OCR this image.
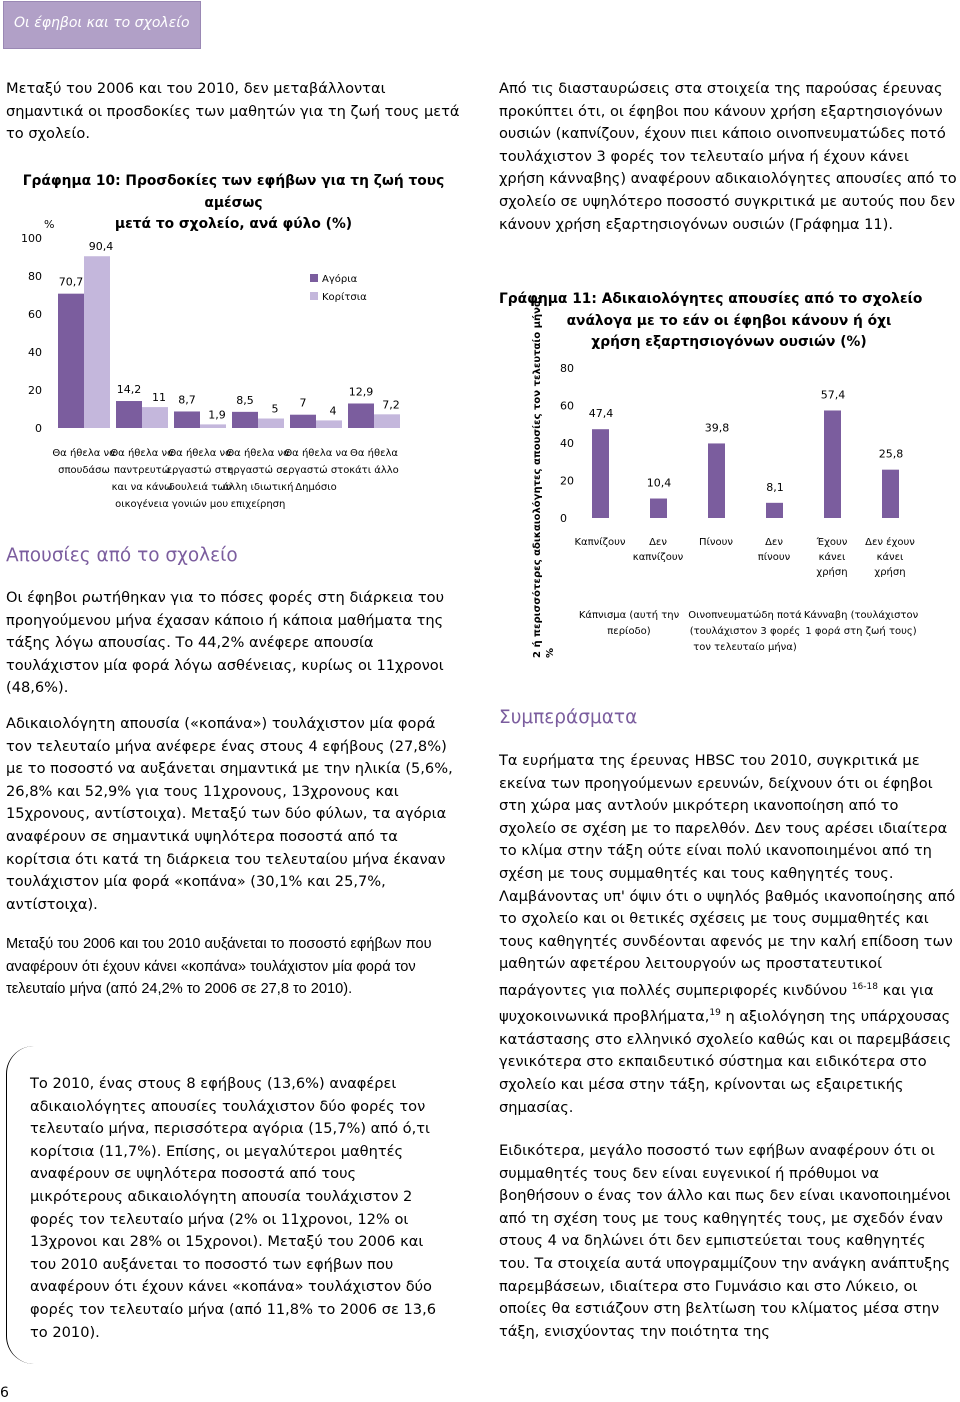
Οι έφηβοι και το σχολείο

Μεταξύ του 2006 και του 2010, δεν μεταβάλλονται σημαντικά οι προσδοκίες των μαθητών για τη ζωή τους μετά το σχολείο.

Γράφημα 10: Προσδοκίες των εφήβων για τη ζωή τους αμέσως
μετά το σχολείο, ανά φύλο (%)
%
100
80
60
40
20
0
70,7
90,4
Θα ήθελα να σπουδάσω
14,2
11
Θα ήθελα να παντρευτώ και να κάνω οικογένεια
8,7
1,9
Θα ήθελα να εργαστώ στη δουλειά των γονιών μου
8,5
5
Θα ήθελα να εργαστώ σε άλλη ιδιωτική επιχείρηση
7
4
Θα ήθελα να εργαστώ στο Δημόσιο
12,9
7,2
Θα ήθελα κάτι άλλο
Αγόρια
Κορίτσια
Απουσίες από το σχολείο

Οι έφηβοι ρωτήθηκαν για το πόσες φορές στη διάρκεια του προηγούμενου μήνα έχασαν κάποιο ή κάποια μαθήματα της τάξης λόγω απουσίας. Το 44,2% ανέφερε απουσία τουλάχιστον μία φορά λόγω ασθένειας, κυρίως οι 11χρονοι (48,6%).

Αδικαιολόγητη απουσία («κοπάνα») τουλάχιστον μία φορά τον τελευταίο μήνα ανέφερε ένας στους 4 εφήβους (27,8%) με το ποσοστό να αυξάνεται σημαντικά με την ηλικία (5,6%, 26,8% και 52,9% για τους 11χρονους, 13χρονους και 15χρονους, αντίστοιχα). Μεταξύ των δύο φύλων, τα αγόρια αναφέρουν σε σημαντικά υψηλότερα ποσοστά από τα κορίτσια ότι κατά τη διάρκεια του τελευταίου μήνα έκαναν τουλάχιστον μία φορά «κοπάνα» (30,1% και 25,7%, αντίστοιχα).

Μεταξύ του 2006 και του 2010 αυξάνεται το ποσοστό εφήβων που αναφέρουν ότι έχουν κάνει «κοπάνα» τουλάχιστον μία φορά τον τελευταίο μήνα (από 24,2% το 2006 σε 27,8 το 2010).

Το 2010, ένας στους 8 εφήβους (13,6%) αναφέρει αδικαιολόγητες απουσίες τουλάχιστον δύο φορές τον τελευταίο μήνα, περισσότερα αγόρια (15,7%) από ό,τι κορίτσια (11,7%). Επίσης, οι μεγαλύτεροι μαθητές αναφέρουν σε υψηλότερα ποσοστά από τους μικρότερους αδικαιολόγητη απουσία τουλάχιστον 2 φορές τον τελευταίο μήνα (2% οι 11χρονοι, 12% οι 13χρονοι και 28% οι 15χρονοι). Μεταξύ του 2006 και του 2010 αυξάνεται το ποσοστό των εφήβων που αναφέρουν ότι έχουν κάνει «κοπάνα» τουλάχιστον δύο φορές τον τελευταίο μήνα (από 11,8% το 2006 σε 13,6 το 2010).

6

Από τις διασταυρώσεις στα στοιχεία της παρούσας έρευνας προκύπτει ότι, οι έφηβοι που κάνουν χρήση εξαρτησιογόνων ουσιών (καπνίζουν, έχουν πιει κάποιο οινοπνευματώδες ποτό τουλάχιστον 3 φορές τον τελευταίο μήνα ή έχουν κάνει χρήση κάνναβης) αναφέρουν αδικαιολόγητες απουσίες από το σχολείο σε υψηλότερο ποσοστό συγκριτικά με αυτούς που δεν κάνουν χρήση εξαρτησιογόνων ουσιών (Γράφημα 11).

Γράφημα 11: Αδικαιολόγητες απουσίες από το σχολείο
ανάλογα με το εάν οι έφηβοι κάνουν ή όχι
χρήση εξαρτησιογόνων ουσιών (%)
2 ή περισσότερες αδικαιολόγητες απουσίες τον τελευταίο μήνα, %
80
60
40
20
0
47,4
Καπνίζουν
10,4
Δεν καπνίζουν
39,8
Πίνουν
8,1
Δεν πίνουν
57,4
Έχουν κάνει χρήση
25,8
Δεν έχουν κάνει χρήση
Κάπνισμα (αυτή την περίοδο)
Οινοπνευματώδη ποτά (τουλάχιστον 3 φορές τον τελευταίο μήνα)
Κάνναβη (τουλάχιστον 1 φορά στη ζωή τους)
Συμπεράσματα

Τα ευρήματα της έρευνας HBSC του 2010, συγκριτικά με εκείνα των προηγούμενων ερευνών, δείχνουν ότι οι έφηβοι στη χώρα μας αντλούν μικρότερη ικανοποίηση από το σχολείο σε σχέση με το παρελθόν. Δεν τους αρέσει ιδιαίτερα το κλίμα στην τάξη ούτε είναι πολύ ικανοποιημένοι από τη σχέση με τους συμμαθητές και τους καθηγητές τους. Λαμβάνοντας υπ' όψιν ότι ο υψηλός βαθμός ικανοποίησης από το σχολείο και οι θετικές σχέσεις με τους συμμαθητές και τους καθηγητές συνδέονται αφενός με την καλή επίδοση των μαθητών αφετέρου λειτουργούν ως προστατευτικοί παράγοντες για πολλές συμπεριφορές κινδύνου $^{16-18}$ και για ψυχοκοινωνικά προβλήματα,$^{19}$ η αξιολόγηση της υπάρχουσας κατάστασης στο ελληνικό σχολείο καθώς και οι παρεμβάσεις γενικότερα στο εκπαιδευτικό σύστημα και ειδικότερα στο σχολείο και μέσα στην τάξη, κρίνονται ως εξαιρετικής σημασίας.

Ειδικότερα, μεγάλο ποσοστό των εφήβων αναφέρουν ότι οι συμμαθητές τους δεν είναι ευγενικοί ή πρόθυμοι να βοηθήσουν ο ένας τον άλλο και πως δεν είναι ικανοποιημένοι από τη σχέση τους με τους καθηγητές τους, με σχεδόν έναν στους 4 να δηλώνει ότι δεν εμπιστεύεται τους καθηγητές του. Τα στοιχεία αυτά υπογραμμίζουν την ανάγκη ανάπτυξης παρεμβάσεων, ιδιαίτερα στο Γυμνάσιο και στο Λύκειο, οι οποίες θα εστιάζουν στη βελτίωση του κλίματος μέσα στην τάξη, ενισχύοντας την ποιότητα της
